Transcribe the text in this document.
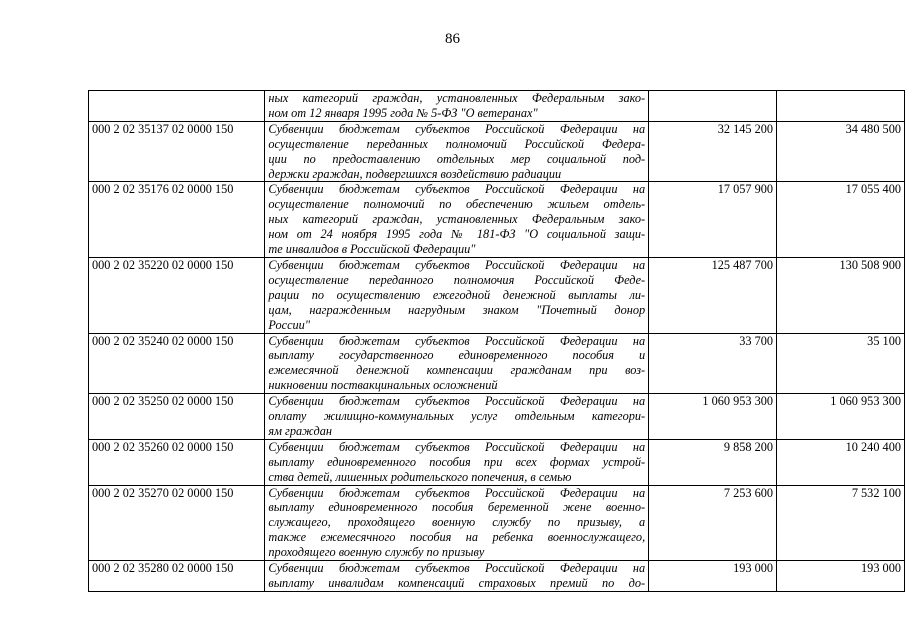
86

	ных категорий граждан, установленных Федеральным зако-
ном от 12 января 1995 года № 5-ФЗ "О ветеранах"		

000 2 02 35137 02 0000 150	Субвенции бюджетам субъектов Российской Федерации на
осуществление переданных полномочий Российской Федера-
ции по предоставлению отдельных мер социальной под-
держки граждан, подвергшихся воздействию радиации	32 145 200	34 480 500
000 2 02 35176 02 0000 150	Субвенции бюджетам субъектов Российской Федерации на
осуществление полномочий по обеспечению жильем отдель-
ных категорий граждан, установленных Федеральным зако-
ном от 24 ноября 1995 года № 181-ФЗ "О социальной защи-
те инвалидов в Российской Федерации"	17 057 900	17 055 400
000 2 02 35220 02 0000 150	Субвенции бюджетам субъектов Российской Федерации на
осуществление переданного полномочия Российской Феде-
рации по осуществлению ежегодной денежной выплаты ли-
цам, награжденным нагрудным знаком "Почетный донор
России"	125 487 700	130 508 900
000 2 02 35240 02 0000 150	Субвенции бюджетам субъектов Российской Федерации на
выплату государственного единовременного пособия и
ежемесячной денежной компенсации гражданам при воз-
никновении поствакцинальных осложнений	33 700	35 100
000 2 02 35250 02 0000 150	Субвенции бюджетам субъектов Российской Федерации на
оплату жилищно-коммунальных услуг отдельным категори-
ям граждан	1 060 953 300	1 060 953 300
000 2 02 35260 02 0000 150	Субвенции бюджетам субъектов Российской Федерации на
выплату единовременного пособия при всех формах устрой-
ства детей, лишенных родительского попечения, в семью	9 858 200	10 240 400
000 2 02 35270 02 0000 150	Субвенции бюджетам субъектов Российской Федерации на
выплату единовременного пособия беременной жене военно-
служащего, проходящего военную службу по призыву, а
также ежемесячного пособия на ребенка военнослужащего,
проходящего военную службу по призыву	7 253 600	7 532 100
000 2 02 35280 02 0000 150	Субвенции бюджетам субъектов Российской Федерации на
выплату инвалидам компенсаций страховых премий по до-	193 000	193 000
